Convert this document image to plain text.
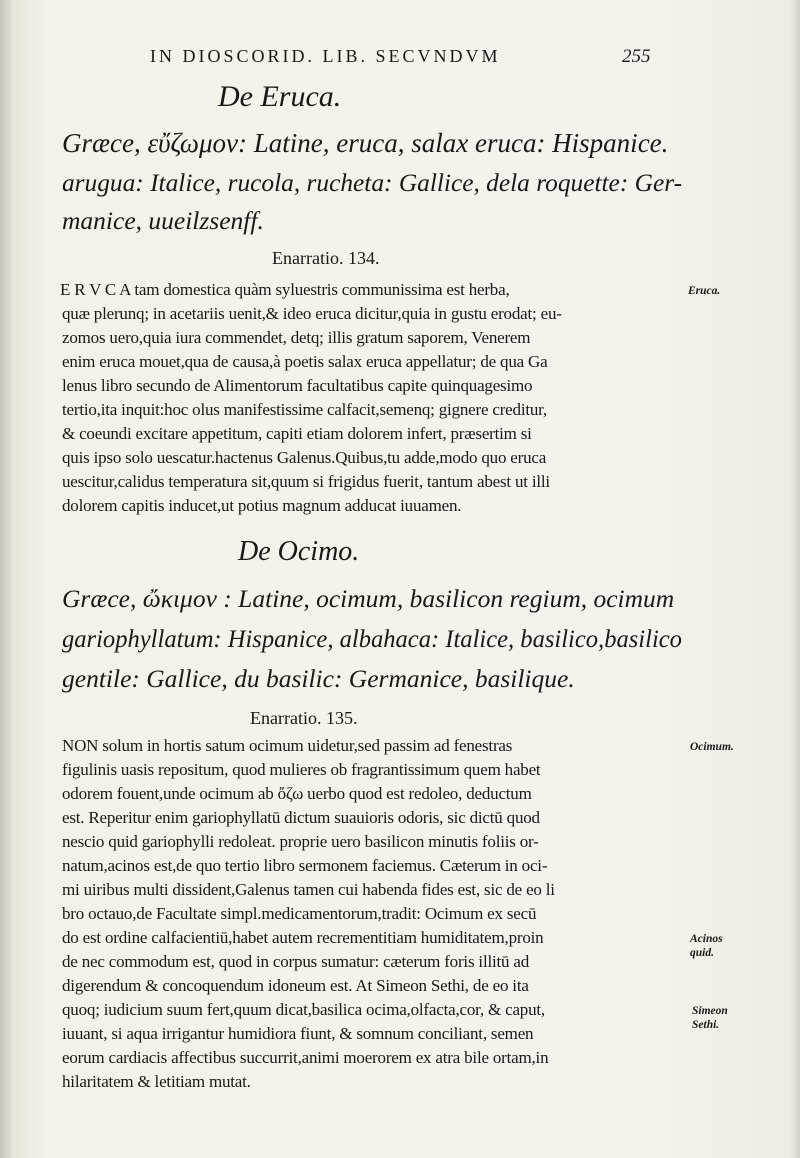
IN DIOSCORID. LIB. SECVNDVM	255
De Eruca.
Græce, εὔζωμον: Latine, eruca, salax eruca: Hispanice.
arugua: Italice, rucola, rucheta: Gallice, dela roquette: Ger-
manice, uueilzsenff.
Enarratio. 134.
E R V C A tam domestica quàm syluestris communissima est herba,
quæ plerunq; in acetariis uenit,& ideo eruca dicitur,quia in gustu erodat; eu-
zomos uero,quia iura commendet, detq; illis gratum saporem, Venerem
enim eruca mouet,qua de causa,à poetis salax eruca appellatur; de qua Ga
lenus libro secundo de Alimentorum facultatibus capite quinquagesimo
tertio,ita inquit:hoc olus manifestissime calfacit,semenq; gignere creditur,
& coeundi excitare appetitum, capiti etiam dolorem infert, præsertim si
quis ipso solo uescatur.hactenus Galenus.Quibus,tu adde,modo quo eruca
uescitur,calidus temperatura sit,quum si frigidus fuerit, tantum abest ut illi
dolorem capitis inducet,ut potius magnum adducat iuuamen.
Eruca.
De Ocimo.
Græce, ὤκιμον : Latine, ocimum, basilicon regium, ocimum
gariophyllatum: Hispanice, albahaca: Italice, basilico,basilico
gentile: Gallice, du basilic: Germanice, basilique.
Enarratio. 135.
NON solum in hortis satum ocimum uidetur,sed passim ad fenestras
figulinis uasis repositum, quod mulieres ob fragrantissimum quem habet
odorem fouent,unde ocimum ab ὄζω uerbo quod est redoleo, deductum
est. Reperitur enim gariophyllatū dictum suauioris odoris, sic dictū quod
nescio quid gariophylli redoleat. proprie uero basilicon minutis foliis or-
natum,acinos est,de quo tertio libro sermonem faciemus. Cæterum in oci-
mi uiribus multi dissident,Galenus tamen cui habenda fides est, sic de eo li
bro octauo,de Facultate simpl.medicamentorum,tradit: Ocimum ex secū
do est ordine calfacientiū,habet autem recrementitiam humiditatem,proin
de nec commodum est, quod in corpus sumatur: cæterum foris illitū ad
digerendum & concoquendum idoneum est. At Simeon Sethi, de eo ita
quoq; iudicium suum fert,quum dicat,basilica ocima,olfacta,cor, & caput,
iuuant, si aqua irrigantur humidiora fiunt, & somnum conciliant, semen
eorum cardiacis affectibus succurrit,animi moerorem ex atra bile ortam,in
hilaritatem & letitiam mutat.
Ocimum.
Acinos quid.
Simeon Sethi.
